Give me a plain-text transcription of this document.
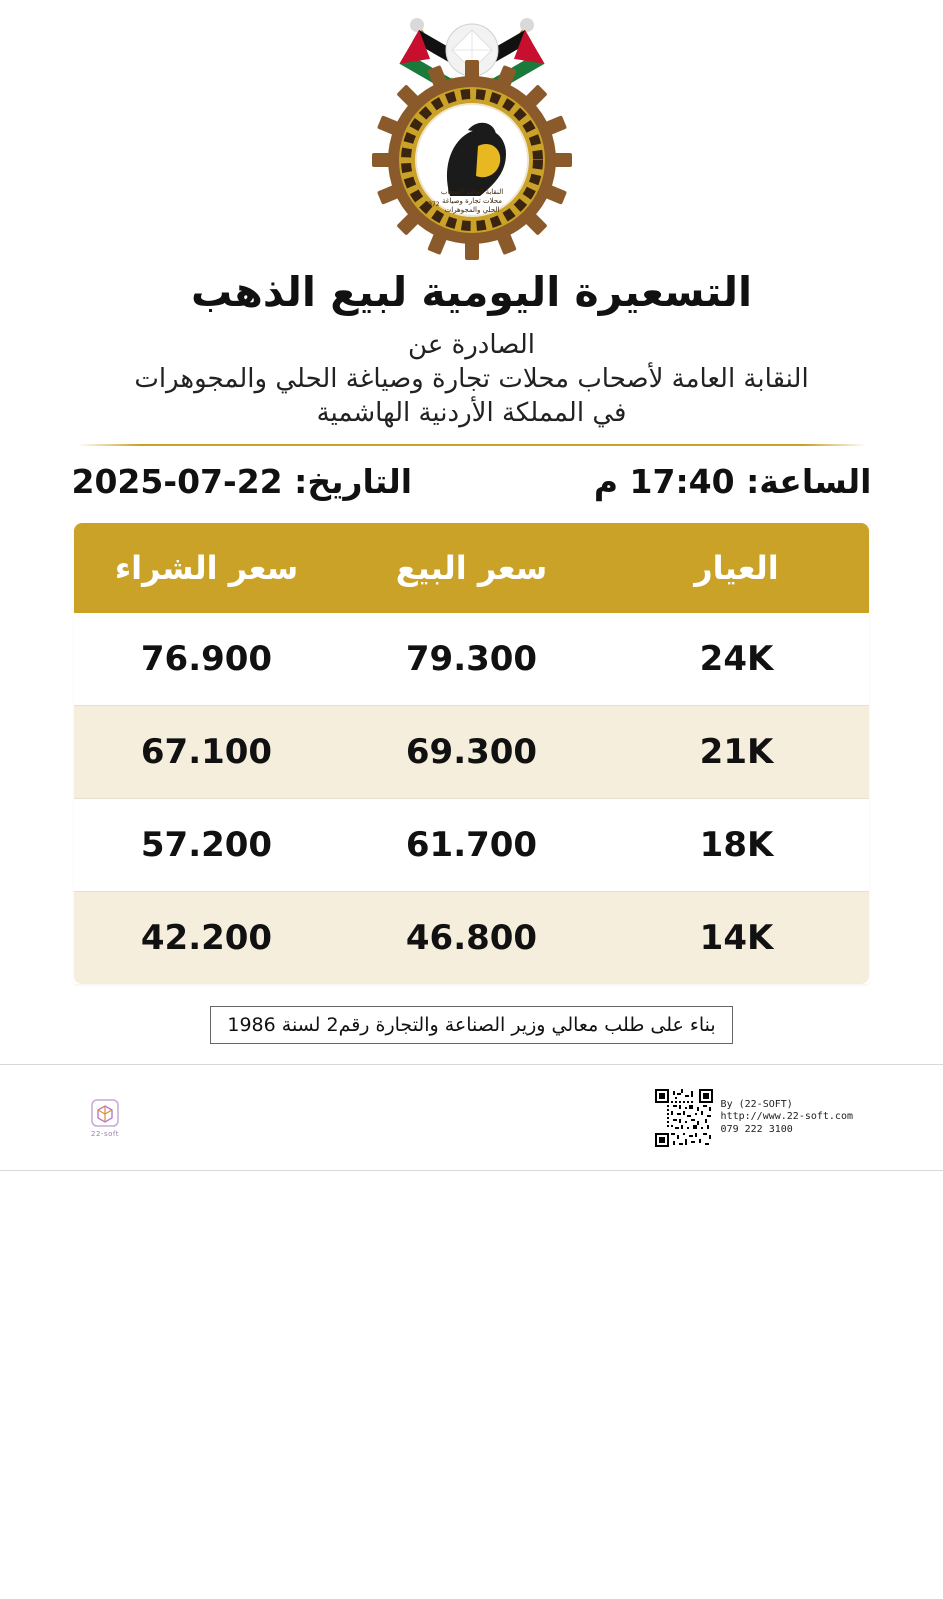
النقابة العامة لأصحاب
محلات تجارة وصياغة
الحلي والمجوهرات
1972
التسعيرة اليومية لبيع الذهب
الصادرة عن
النقابة العامة لأصحاب محلات تجارة وصياغة الحلي والمجوهرات
في المملكة الأردنية الهاشمية
التاريخ: 22-07-2025	الساعة: 17:40 م
العيار	سعر البيع	سعر الشراء
24K	79.300	76.900
21K	69.300	67.100
18K	61.700	57.200
14K	46.800	42.200
بناء على طلب معالي وزير الصناعة والتجارة رقم2 لسنة 1986
22-soft
By (22-SOFT)
http://www.22-soft.com
079 222 3100
